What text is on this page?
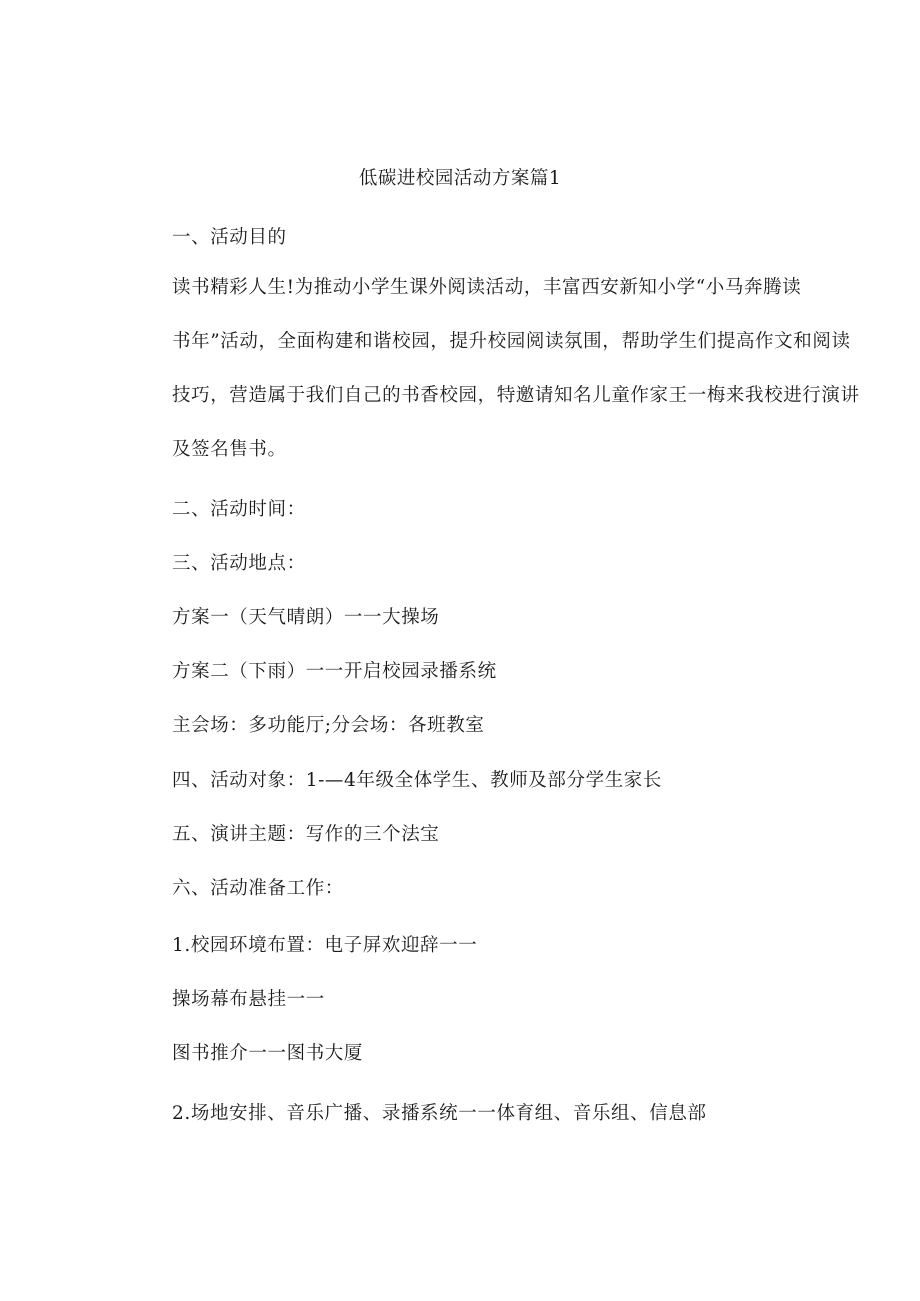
低碳进校园活动方案篇1
一、活动目的
读书精彩人生!为推动小学生课外阅读活动，丰富西安新知小学“小马奔腾读
书年”活动，全面构建和谐校园，提升校园阅读氛围，帮助学生们提高作文和阅读
技巧，营造属于我们自己的书香校园，特邀请知名儿童作家王一梅来我校进行演讲
及签名售书。
二、活动时间：
三、活动地点：
方案一（天气晴朗）一一大操场
方案二（下雨）一一开启校园录播系统
主会场：多功能厅;分会场：各班教室
四、活动对象：1-—4年级全体学生、教师及部分学生家长
五、演讲主题：写作的三个法宝
六、活动准备工作：
1.校园环境布置：电子屏欢迎辞一一
操场幕布悬挂一一
图书推介一一图书大厦
2.场地安排、音乐广播、录播系统一一体育组、音乐组、信息部
